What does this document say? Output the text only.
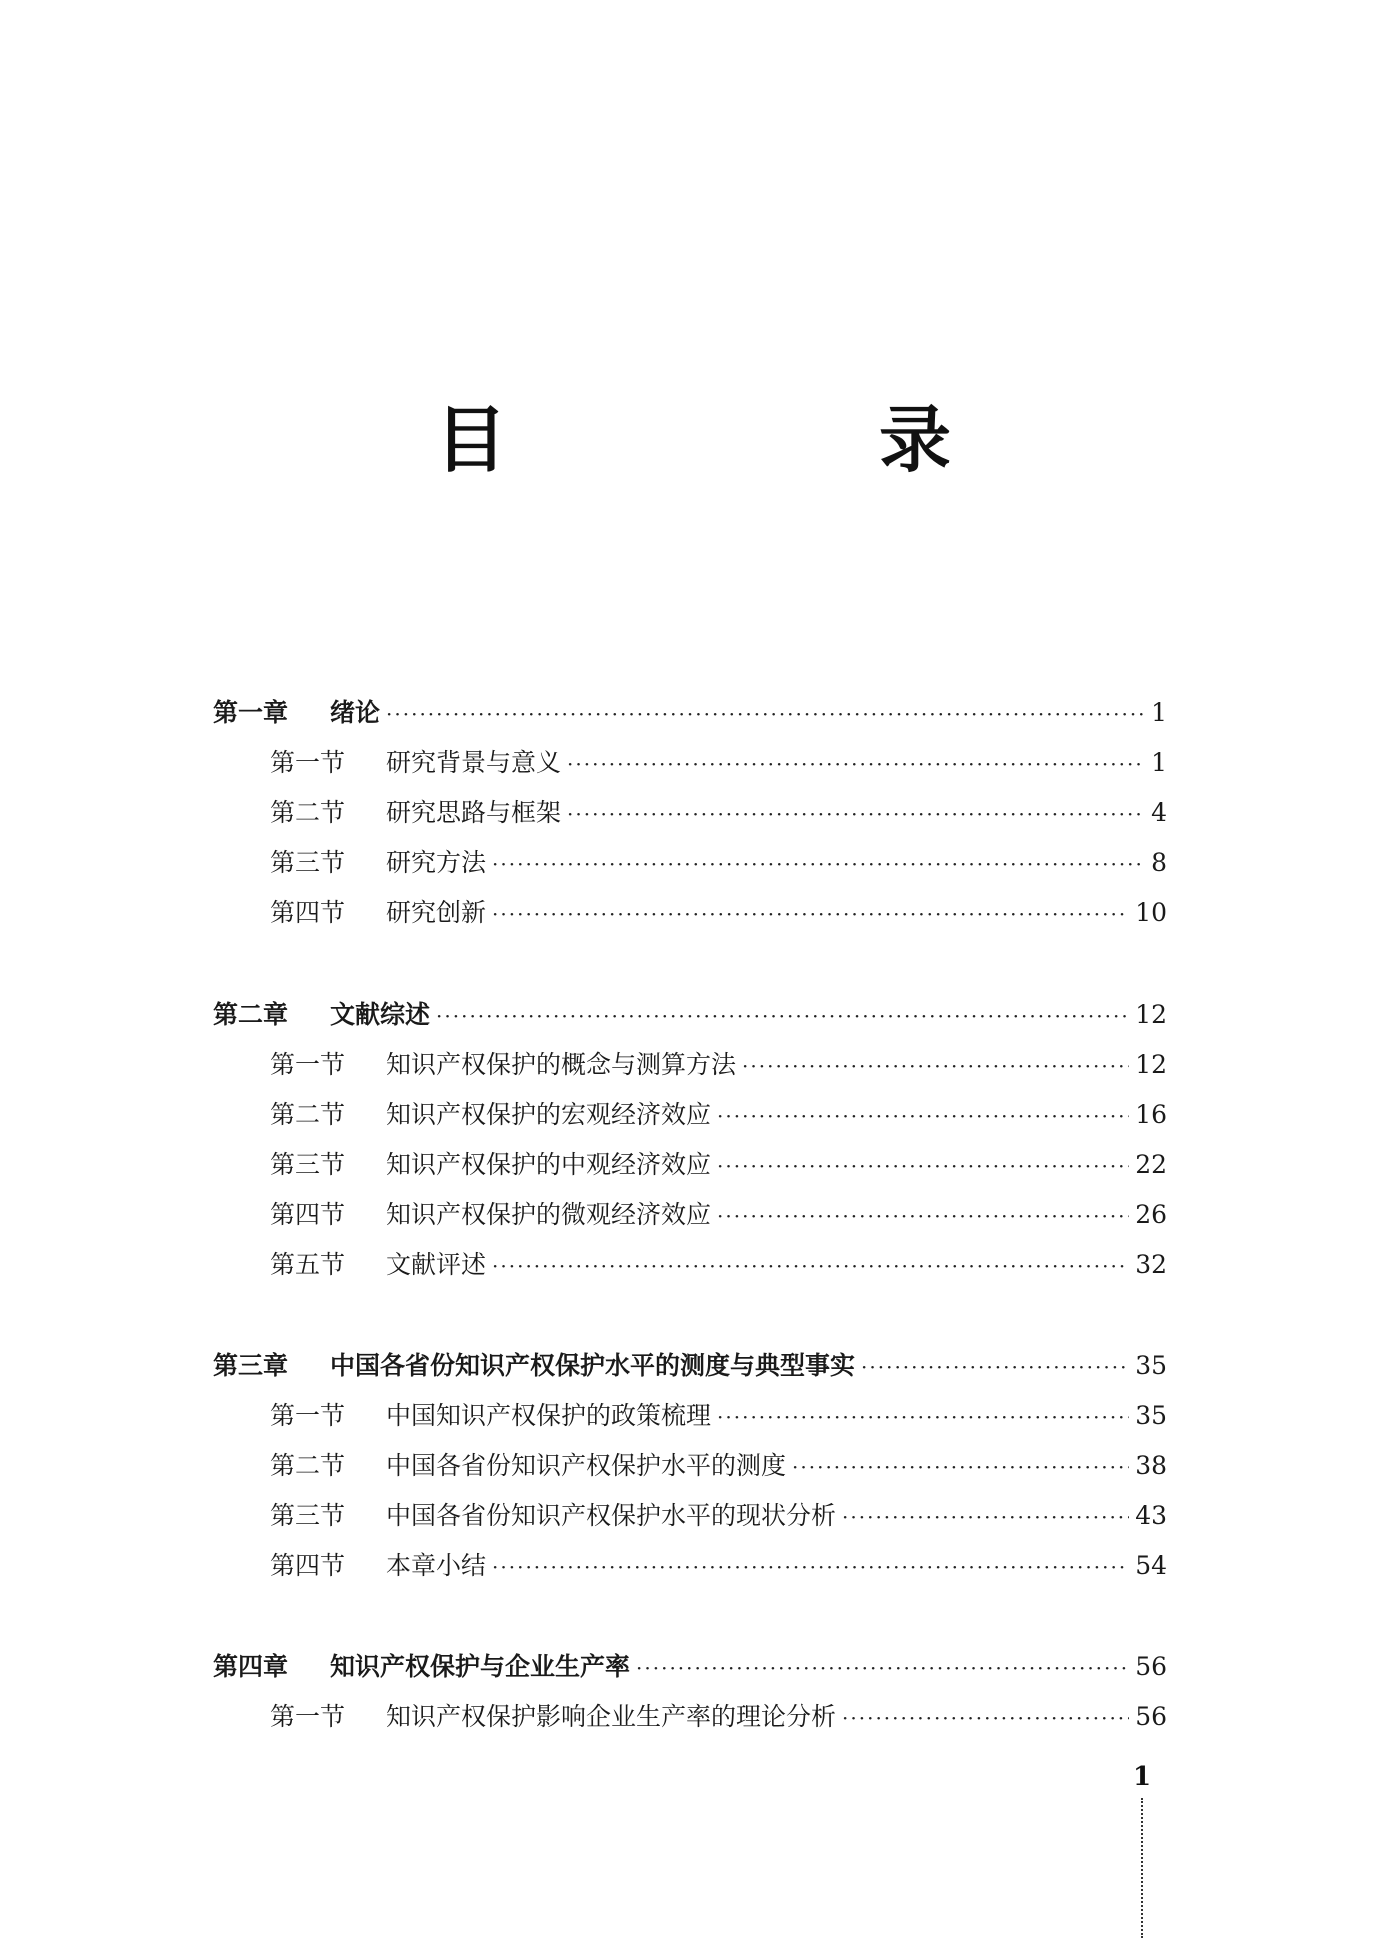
目　录
第一章	绪论 ·····	1
第一节	研究背景与意义 ·····	1
第二节	研究思路与框架 ·····	4
第三节	研究方法 ·····	8
第四节	研究创新 ·····	10
第二章	文献综述 ·····	12
第一节	知识产权保护的概念与测算方法 ·····	12
第二节	知识产权保护的宏观经济效应 ·····	16
第三节	知识产权保护的中观经济效应 ·····	22
第四节	知识产权保护的微观经济效应 ·····	26
第五节	文献评述 ·····	32
第三章	中国各省份知识产权保护水平的测度与典型事实 ·····	35
第一节	中国知识产权保护的政策梳理 ·····	35
第二节	中国各省份知识产权保护水平的测度 ·····	38
第三节	中国各省份知识产权保护水平的现状分析 ·····	43
第四节	本章小结 ·····	54
第四章	知识产权保护与企业生产率 ·····	56
第一节	知识产权保护影响企业生产率的理论分析 ·····	56
1
